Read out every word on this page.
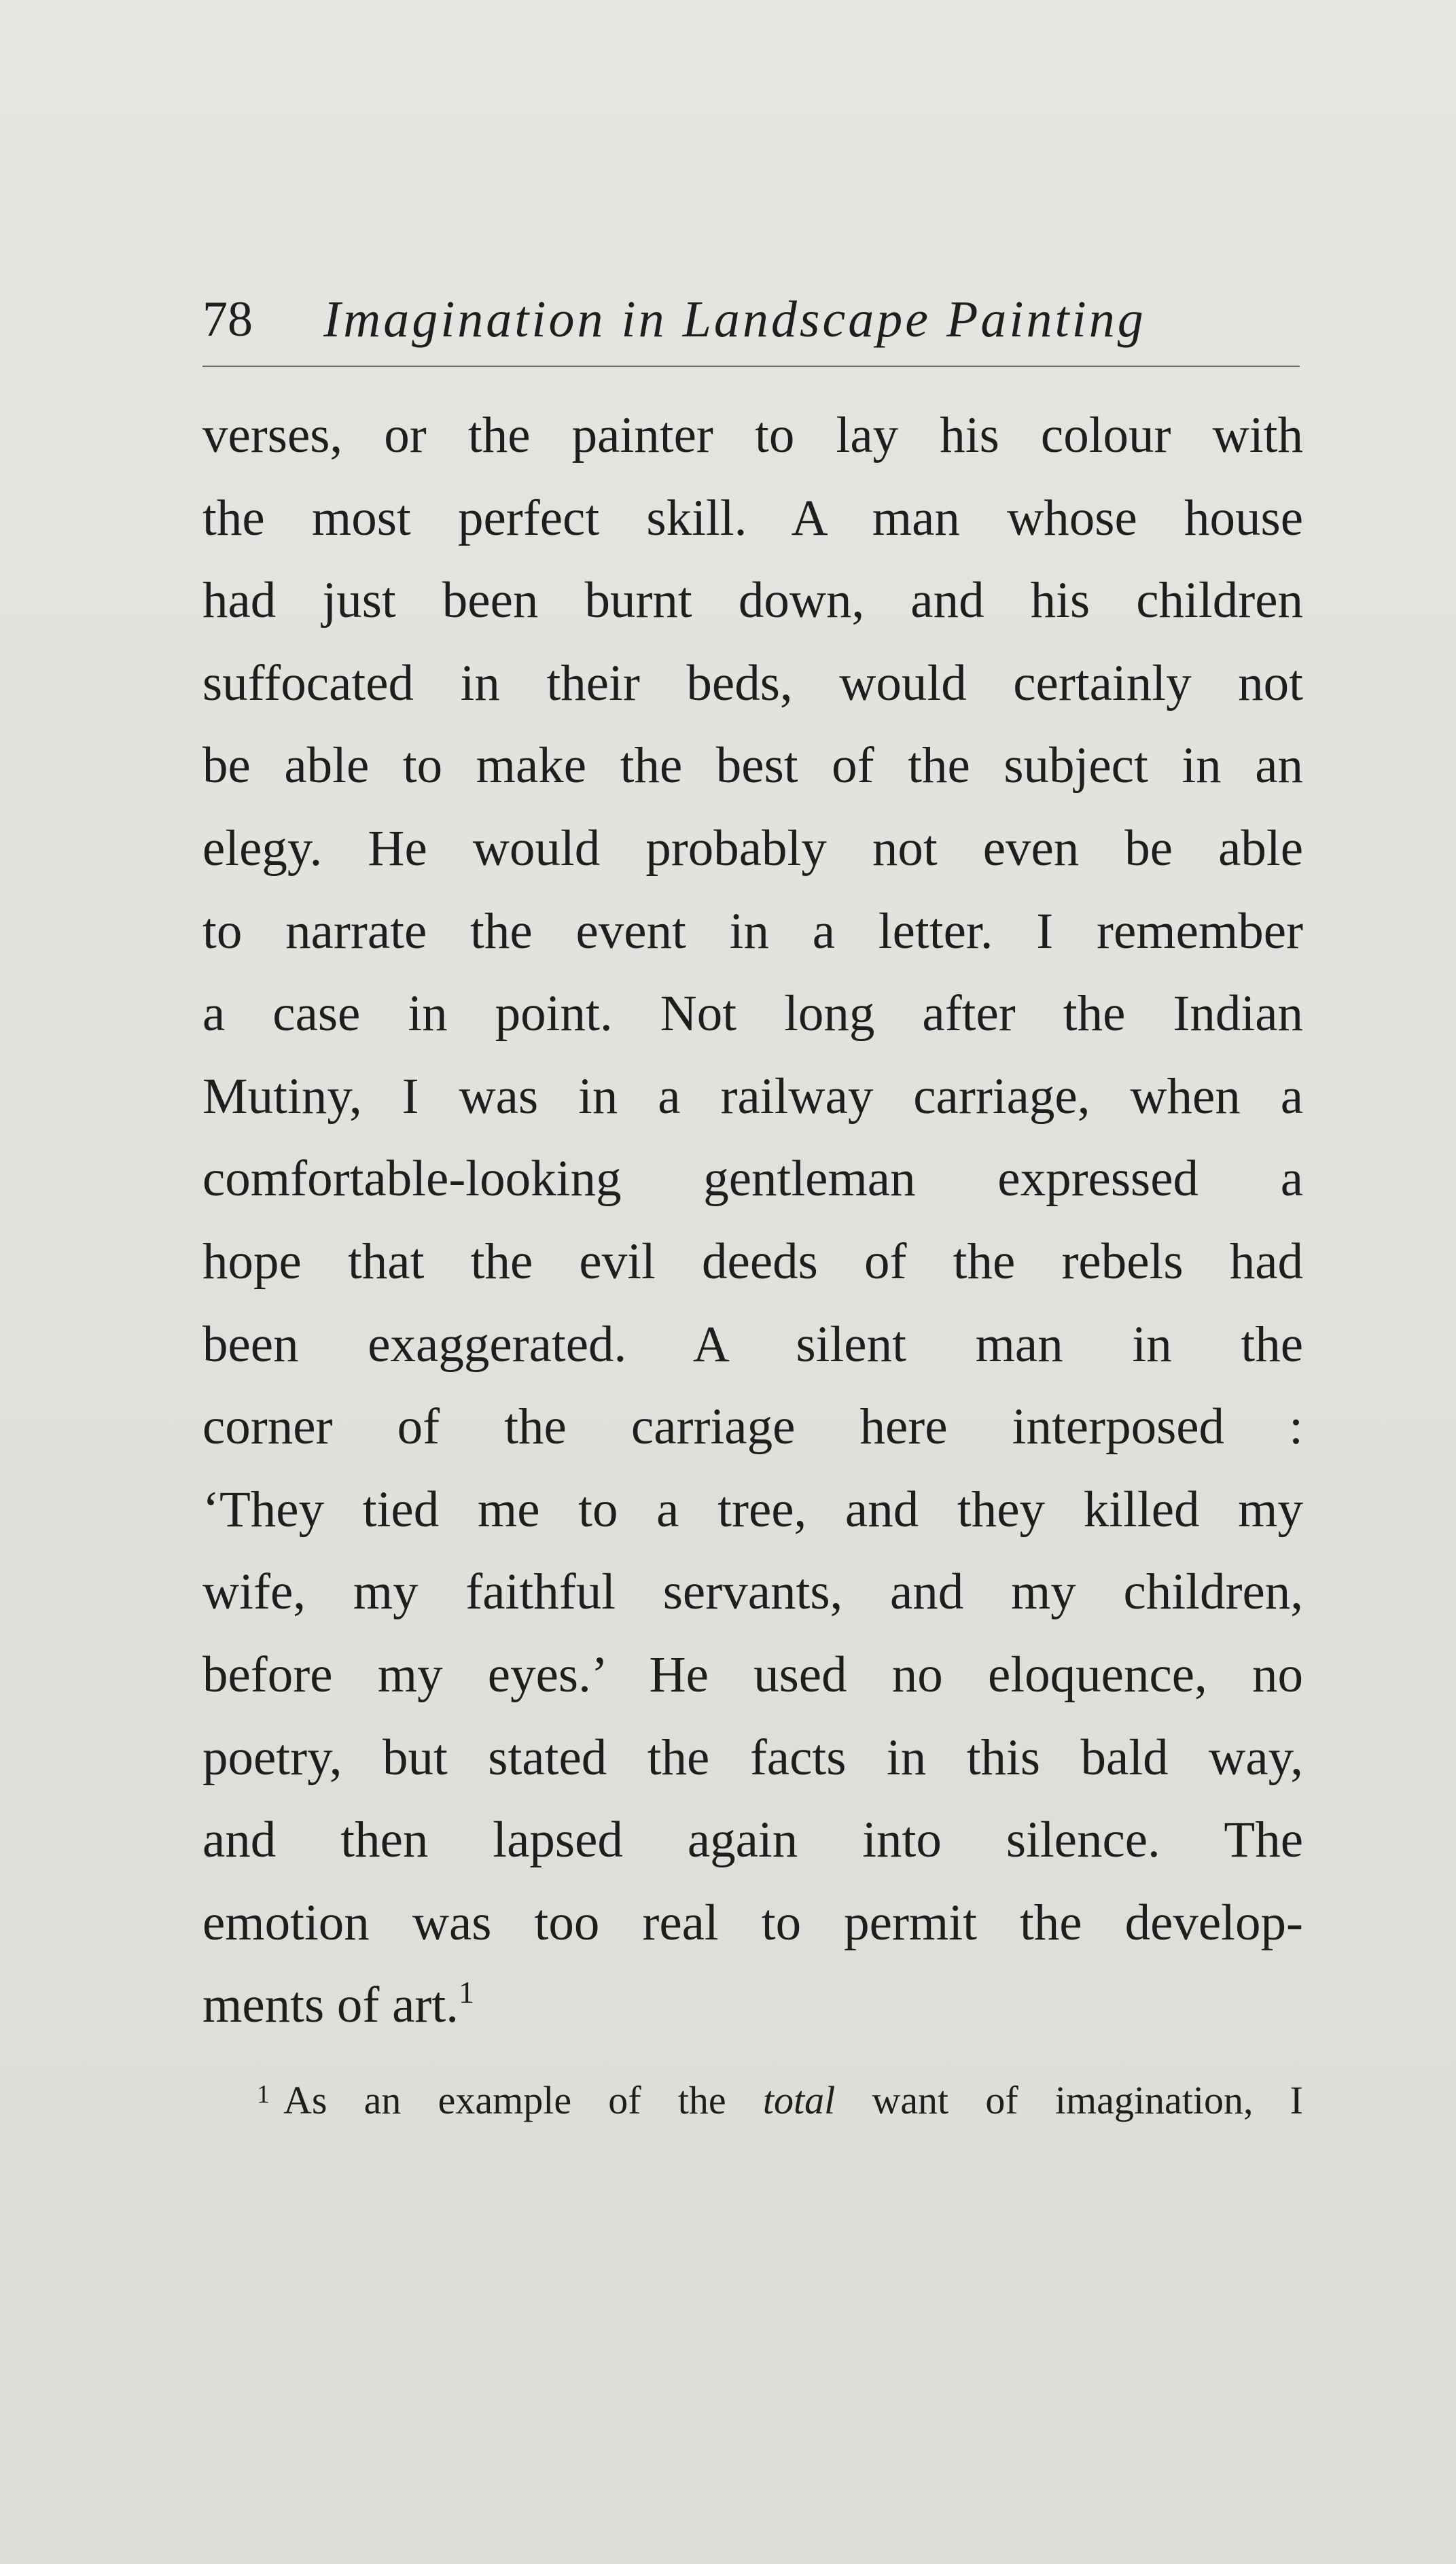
78 Imagination in Landscape Painting
verses, or the painter to lay his colour with
the most perfect skill. A man whose house
had just been burnt down, and his children
suffocated in their beds, would certainly not
be able to make the best of the subject in an
elegy. He would probably not even be able
to narrate the event in a letter. I remember
a case in point. Not long after the Indian
Mutiny, I was in a railway carriage, when a
comfortable-looking gentleman expressed a
hope that the evil deeds of the rebels had
been exaggerated. A silent man in the
corner of the carriage here interposed :
‘They tied me to a tree, and they killed my
wife, my faithful servants, and my children,
before my eyes.’ He used no eloquence, no
poetry, but stated the facts in this bald way,
and then lapsed again into silence. The
emotion was too real to permit the develop-
ments of art.$^1$
$^1$ As an example of the total want of imagination, I
